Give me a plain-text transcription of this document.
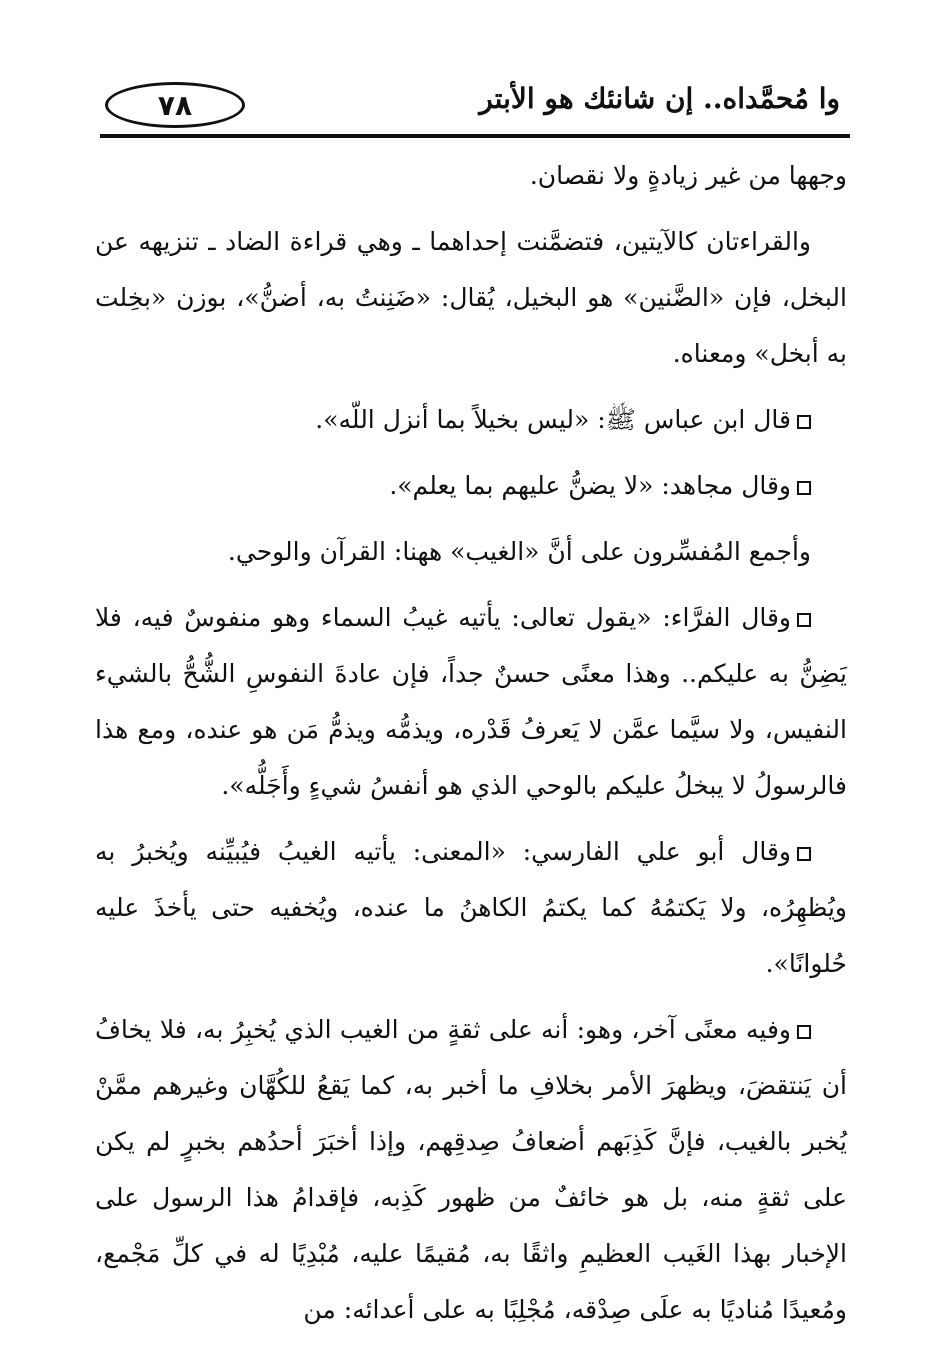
٧٨	وا مُحمَّداه.. إن شانئك هو الأبتر

وجهها من غير زيادةٍ ولا نقصان.

والقراءتان كالآيتين، فتضمَّنت إحداهما ـ وهي قراءة الضاد ـ تنزيهه عن البخل، فإن «الضَّنين» هو البخيل، يُقال: «ضَنِنتُ به، أضنُّ»، بوزن «بخِلت به أبخل» ومعناه.

قال ابن عباس ﷺ: «ليس بخيلاً بما أنزل اللّه».

وقال مجاهد: «لا يضنُّ عليهم بما يعلم».

وأجمع المُفسِّرون على أنَّ «الغيب» ههنا: القرآن والوحي.

وقال الفرَّاء: «يقول تعالى: يأتيه غيبُ السماء وهو منفوسٌ فيه، فلا يَضِنُّ به عليكم.. وهذا معنًى حسنٌ جداً، فإن عادةَ النفوسِ الشُّحُّ بالشيء النفيس، ولا سيَّما عمَّن لا يَعرفُ قَدْره، ويذمُّه ويذمُّ مَن هو عنده، ومع هذا فالرسولُ لا يبخلُ عليكم بالوحي الذي هو أنفسُ شيءٍ وأَجَلُّه».

وقال أبو علي الفارسي: «المعنى: يأتيه الغيبُ فيُبيِّنه ويُخبرُ به ويُظهِرُه، ولا يَكتمُهُ كما يكتمُ الكاهنُ ما عنده، ويُخفيه حتى يأخذَ عليه حُلوانًا».

وفيه معنًى آخر، وهو: أنه على ثقةٍ من الغيب الذي يُخبِرُ به، فلا يخافُ أن يَنتقضَ، ويظهرَ الأمر بخلافِ ما أخبر به، كما يَقعُ للكُهَّان وغيرهم ممَّنْ يُخبر بالغيب، فإنَّ كَذِبَهم أضعافُ صِدقِهم، وإذا أخبَرَ أحدُهم بخبرٍ لم يكن على ثقةٍ منه، بل هو خائفٌ من ظهور كَذِبه، فإقدامُ هذا الرسول على الإخبار بهذا الغَيب العظيمِ واثقًا به، مُقيمًا عليه، مُبْدِيًا له في كلِّ مَجْمع، ومُعيدًا مُناديًا به علَى صِدْقه، مُجْلِبًا به على أعدائه: من
